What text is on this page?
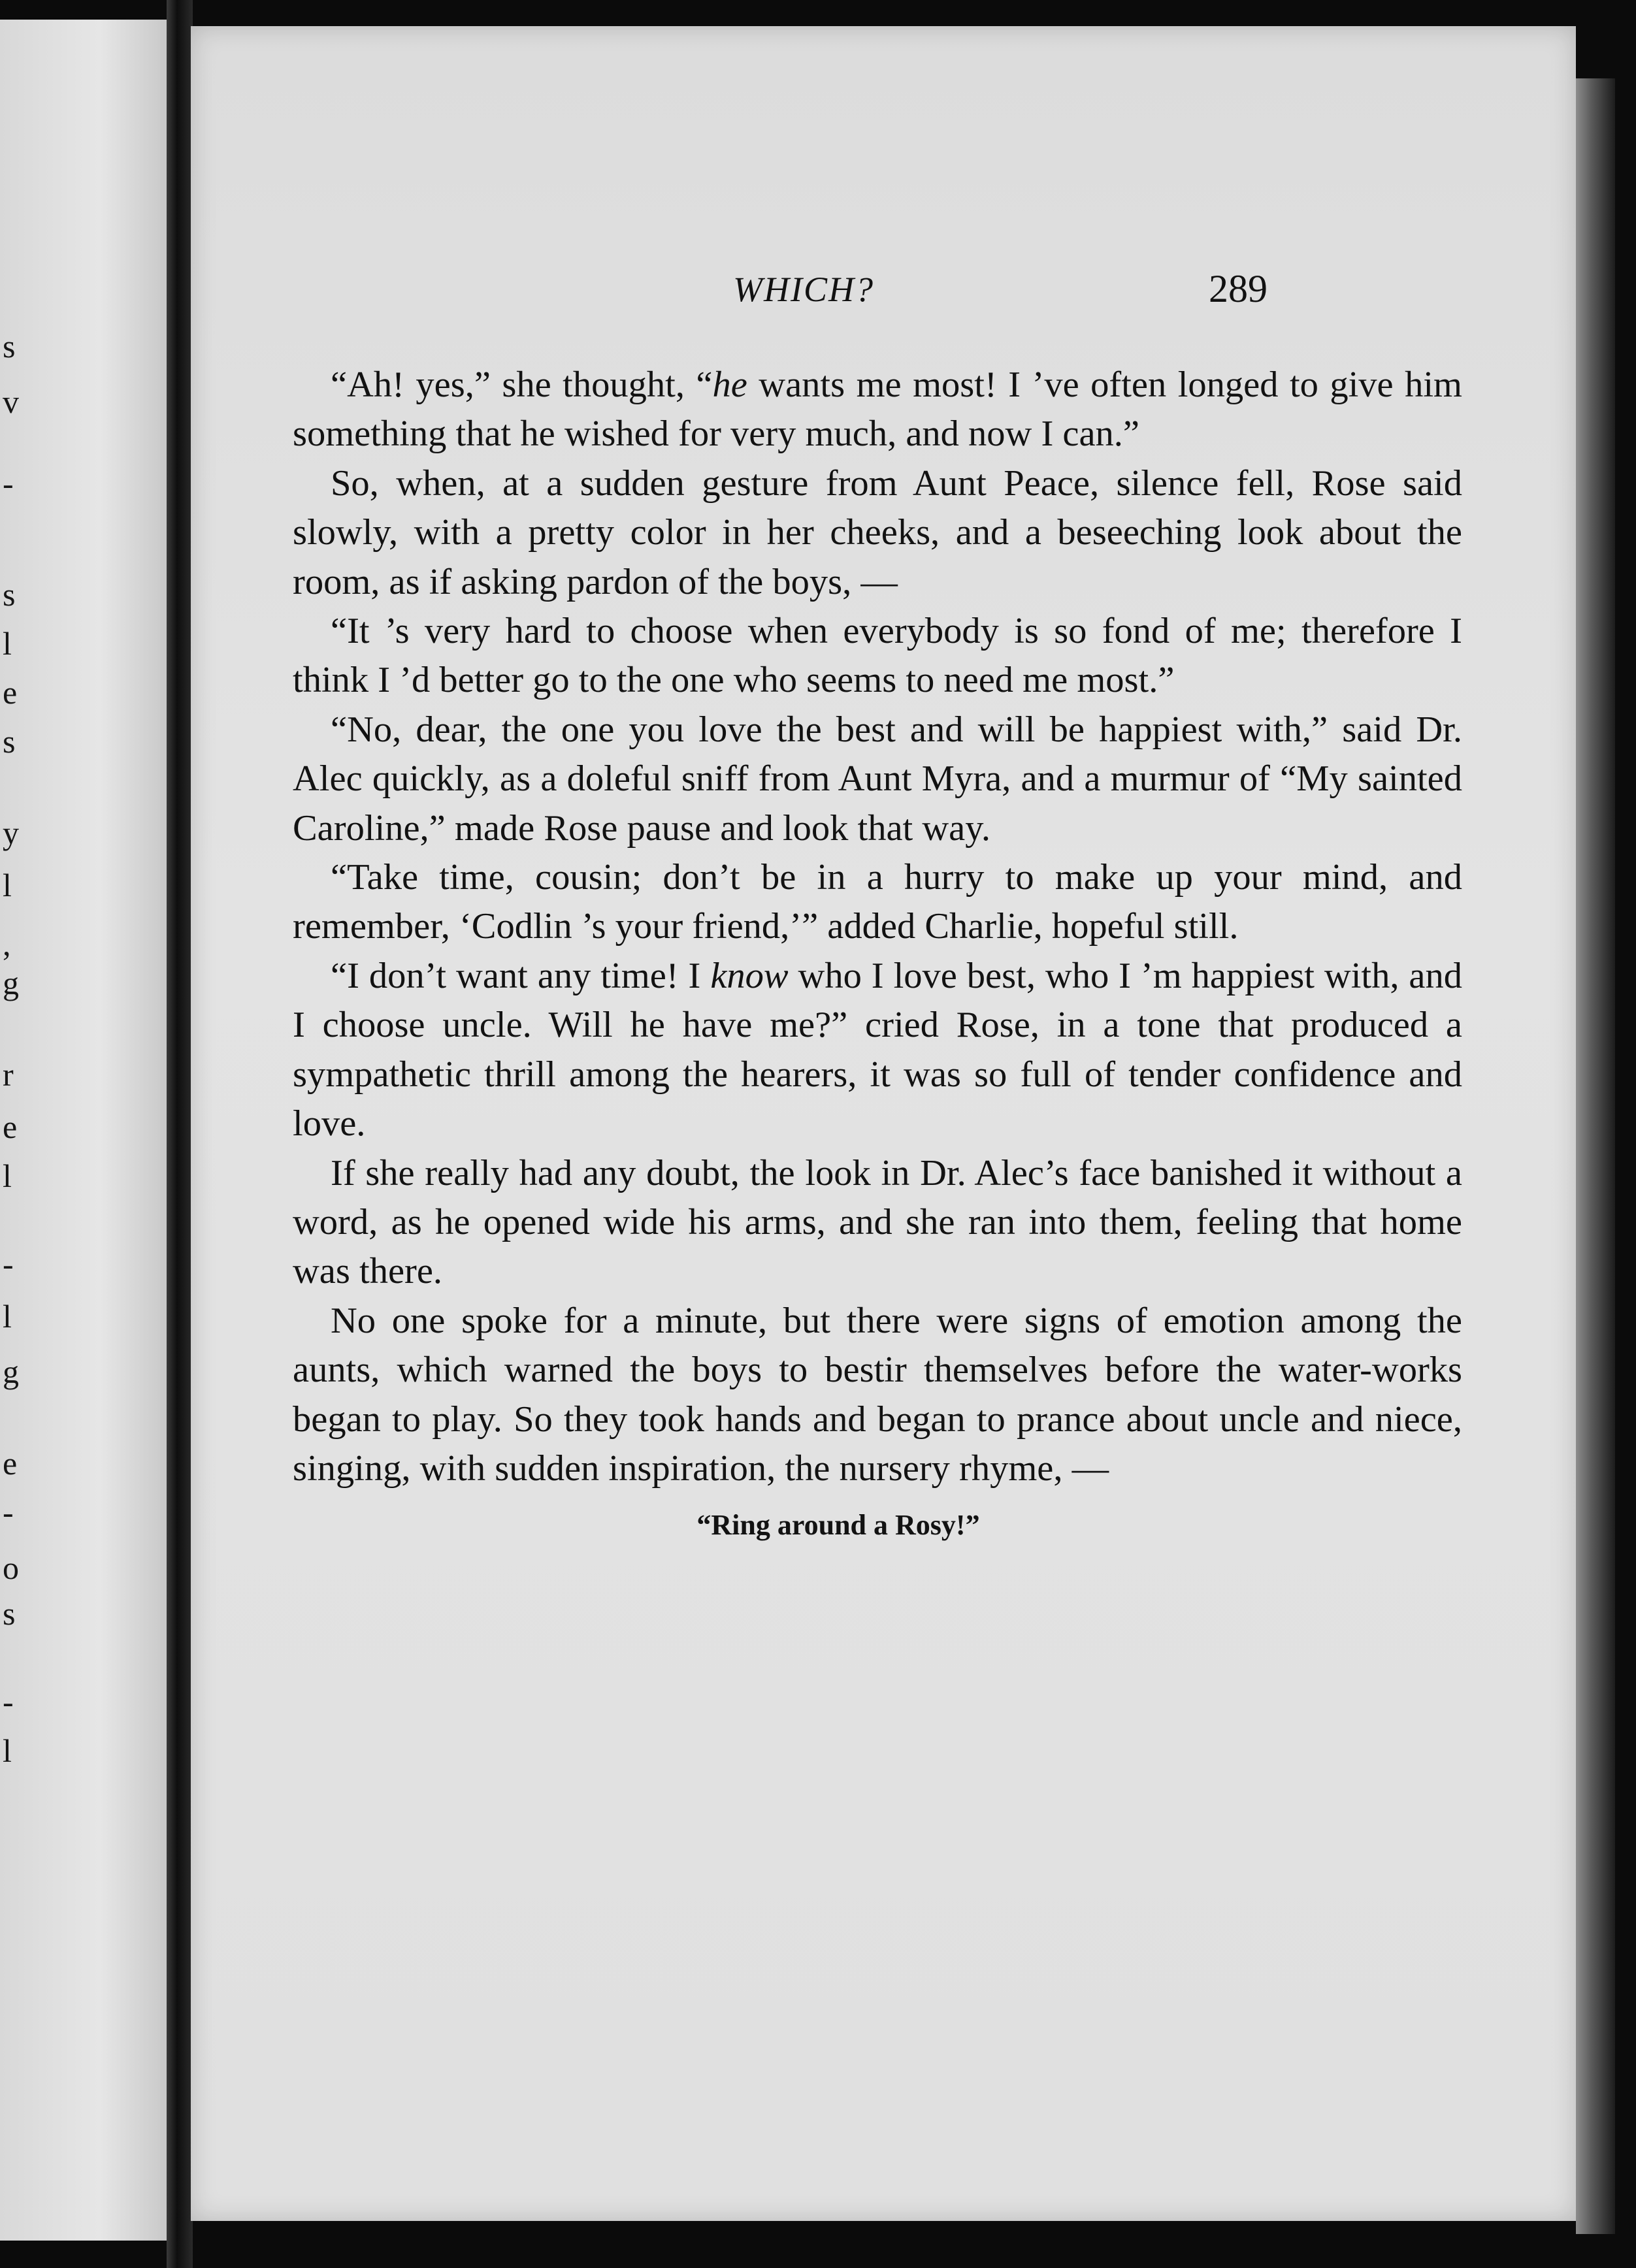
s
v
-
s
l
e
s
y
l
,
g
r
e
l
-
l
g
e
-
o
s
-
l
WHICH?	289

“Ah! yes,” she thought, “he wants me most! I ’ve often longed to give him something that he wished for very much, and now I can.”

So, when, at a sudden gesture from Aunt Peace, silence fell, Rose said slowly, with a pretty color in her cheeks, and a beseeching look about the room, as if asking pardon of the boys, —

“It ’s very hard to choose when everybody is so fond of me; therefore I think I ’d better go to the one who seems to need me most.”

“No, dear, the one you love the best and will be happiest with,” said Dr. Alec quickly, as a doleful sniff from Aunt Myra, and a murmur of “My sainted Caroline,” made Rose pause and look that way.

“Take time, cousin; don’t be in a hurry to make up your mind, and remember, ‘Codlin ’s your friend,’” added Charlie, hopeful still.

“I don’t want any time! I know who I love best, who I ’m happiest with, and I choose uncle. Will he have me?” cried Rose, in a tone that produced a sympathetic thrill among the hearers, it was so full of tender confidence and love.

If she really had any doubt, the look in Dr. Alec’s face banished it without a word, as he opened wide his arms, and she ran into them, feeling that home was there.

No one spoke for a minute, but there were signs of emotion among the aunts, which warned the boys to bestir themselves before the water-works began to play. So they took hands and began to prance about uncle and niece, singing, with sudden inspiration, the nursery rhyme, —

“Ring around a Rosy!”
